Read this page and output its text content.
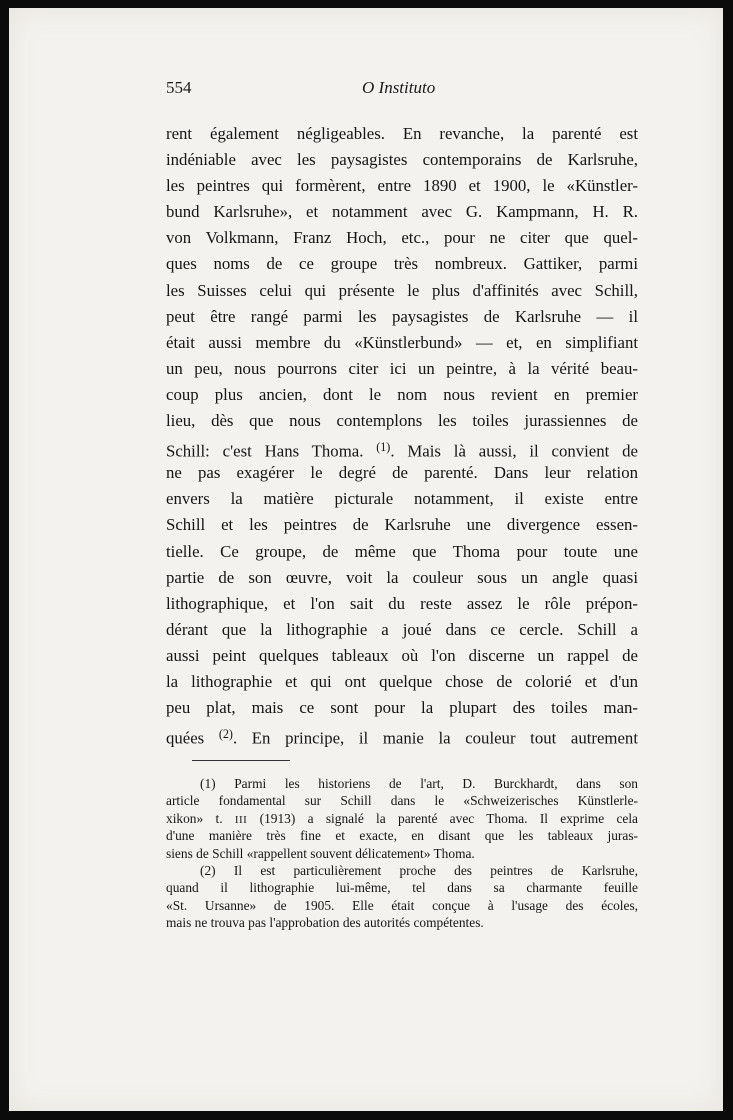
554	O Instituto
rent également négligeables. En revanche, la parenté est
indéniable avec les paysagistes contemporains de Karlsruhe,
les peintres qui formèrent, entre 1890 et 1900, le «Künstler-
bund Karlsruhe», et notamment avec G. Kampmann, H. R.
von Volkmann, Franz Hoch, etc., pour ne citer que quel-
ques noms de ce groupe très nombreux. Gattiker, parmi
les Suisses celui qui présente le plus d'affinités avec Schill,
peut être rangé parmi les paysagistes de Karlsruhe — il
était aussi membre du «Künstlerbund» — et, en simplifiant
un peu, nous pourrons citer ici un peintre, à la vérité beau-
coup plus ancien, dont le nom nous revient en premier
lieu, dès que nous contemplons les toiles jurassiennes de
Schill: c'est Hans Thoma. $^{(1)}$. Mais là aussi, il convient de
ne pas exagérer le degré de parenté. Dans leur relation
envers la matière picturale notamment, il existe entre
Schill et les peintres de Karlsruhe une divergence essen-
tielle. Ce groupe, de même que Thoma pour toute une
partie de son œuvre, voit la couleur sous un angle quasi
lithographique, et l'on sait du reste assez le rôle prépon-
dérant que la lithographie a joué dans ce cercle. Schill a
aussi peint quelques tableaux où l'on discerne un rappel de
la lithographie et qui ont quelque chose de colorié et d'un
peu plat, mais ce sont pour la plupart des toiles man-
quées $^{(2)}$. En principe, il manie la couleur tout autrement
(1) Parmi les historiens de l'art, D. Burckhardt, dans son
article fondamental sur Schill dans le «Schweizerisches Künstlerle-
xikon» t. III (1913) a signalé la parenté avec Thoma. Il exprime cela
d'une manière très fine et exacte, en disant que les tableaux juras-
siens de Schill «rappellent souvent délicatement» Thoma.
(2) Il est particulièrement proche des peintres de Karlsruhe,
quand il lithographie lui-même, tel dans sa charmante feuille
«St. Ursanne» de 1905. Elle était conçue à l'usage des écoles,
mais ne trouva pas l'approbation des autorités compétentes.
